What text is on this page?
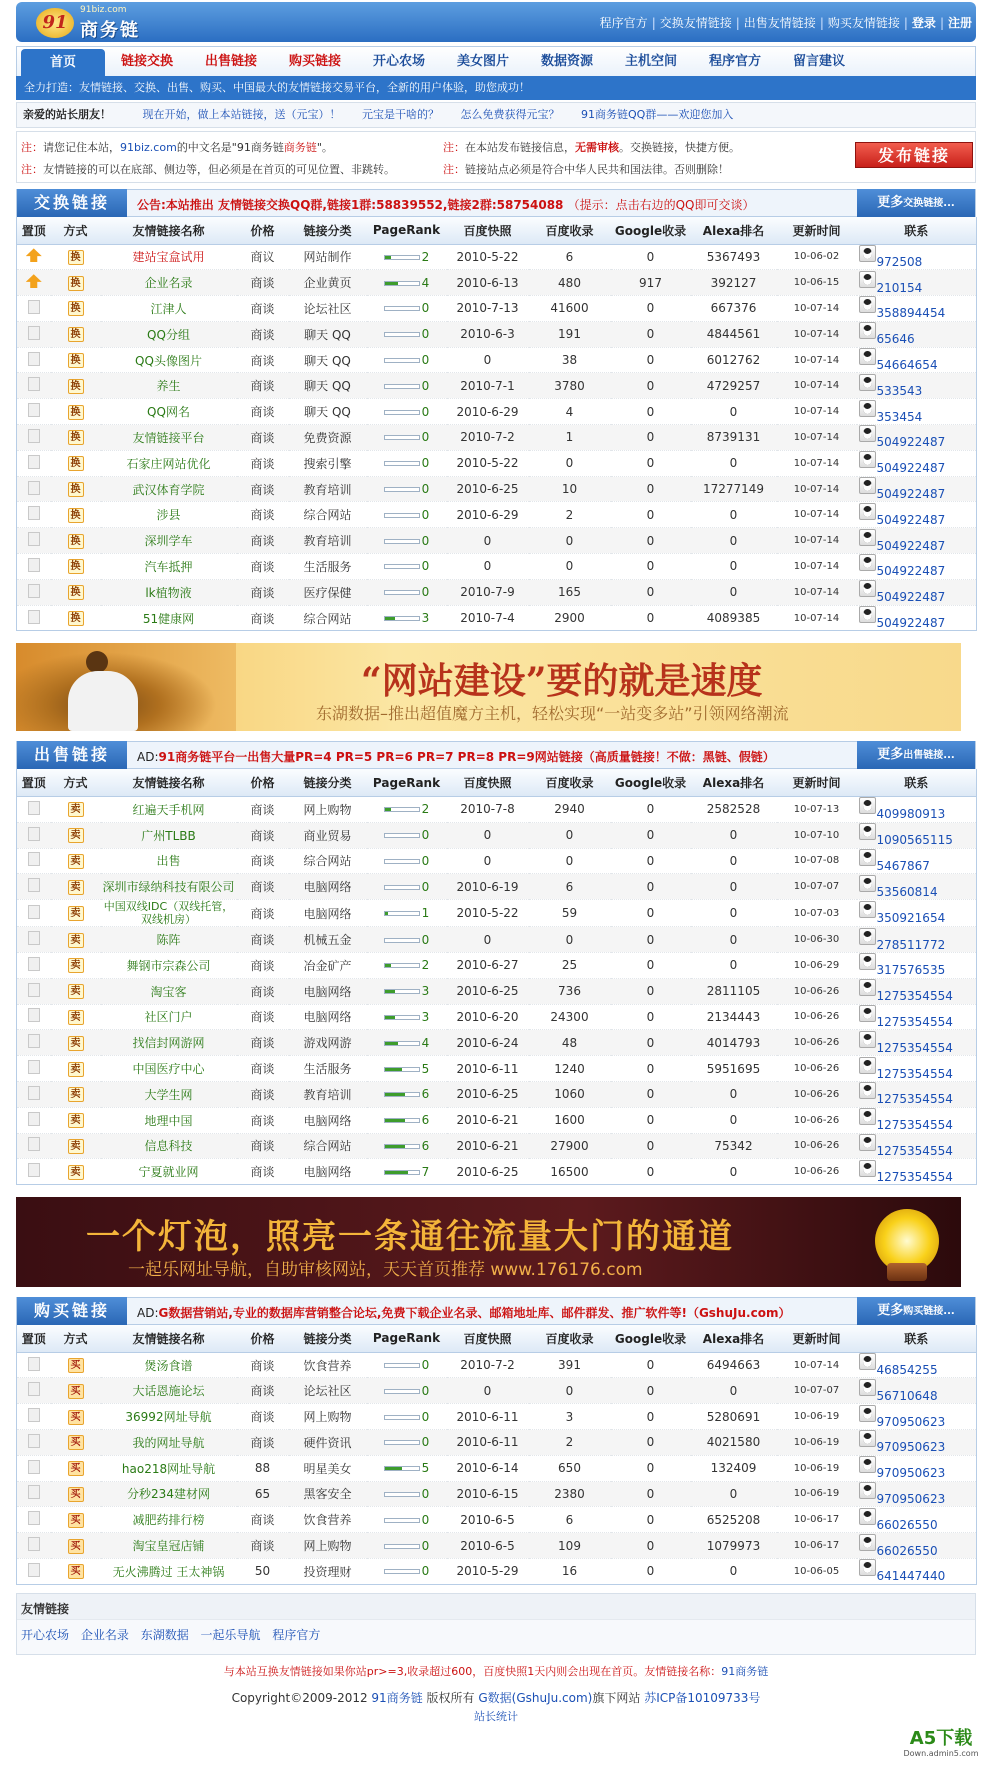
91
91biz.com
商务链	程序官方 | 交换友情链接 | 出售友情链接 | 购买友情链接 | 登录 | 注册
首页	链接交换	出售链接	购买链接	开心农场	美女图片	数据资源	主机空间	程序官方	留言建议
全力打造：友情链接、交换、出售、购买、中国最大的友情链接交易平台，全新的用户体验，助您成功！
亲爱的站长朋友！	现在开始，做上本站链接，送（元宝）！ 元宝是干啥的？ 怎么免费获得元宝？ 91商务链QQ群——欢迎您加入
注：请您记住本站，91biz.com的中文名是"91商务链商务链"。	注：在本站发布链接信息，无需审核。交换链接，快捷方便。
注：友情链接的可以在底部、侧边等，但必须是在首页的可见位置、非跳转。	注：链接站点必须是符合中华人民共和国法律。否则删除！
发布链接
交换链接	公告:本站推出 友情链接交换QQ群,链接1群:58839552,链接2群:58754088 （提示：点击右边的QQ即可交谈）	更多交换链接...
置顶	方式	友情链接名称	价格	链接分类	PageRank	百度快照	百度收录	Google收录	Alexa排名	更新时间	联系
	换	建站宝盒试用	商议	网站制作	2	2010-5-22	6	0	5367493	10-06-02	972508
	换	企业名录	商谈	企业黄页	4	2010-6-13	480	917	392127	10-06-15	210154
	换	江津人	商谈	论坛社区	0	2010-7-13	41600	0	667376	10-07-14	358894454
	换	QQ分组	商谈	聊天 QQ	0	2010-6-3	191	0	4844561	10-07-14	65646
	换	QQ头像图片	商谈	聊天 QQ	0	0	38	0	6012762	10-07-14	54664654
	换	养生	商谈	聊天 QQ	0	2010-7-1	3780	0	4729257	10-07-14	533543
	换	QQ网名	商谈	聊天 QQ	0	2010-6-29	4	0	0	10-07-14	353454
	换	友情链接平台	商谈	免费资源	0	2010-7-2	1	0	8739131	10-07-14	504922487
	换	石家庄网站优化	商谈	搜索引擎	0	2010-5-22	0	0	0	10-07-14	504922487
	换	武汉体育学院	商谈	教育培训	0	2010-6-25	10	0	17277149	10-07-14	504922487
	换	涉县	商谈	综合网站	0	2010-6-29	2	0	0	10-07-14	504922487
	换	深圳学车	商谈	教育培训	0	0	0	0	0	10-07-14	504922487
	换	汽车抵押	商谈	生活服务	0	0	0	0	0	10-07-14	504922487
	换	lk植物液	商谈	医疗保健	0	2010-7-9	165	0	0	10-07-14	504922487
	换	51健康网	商谈	综合网站	3	2010-7-4	2900	0	4089385	10-07-14	504922487
“网站建设”要的就是速度
东湖数据–推出超值魔方主机，轻松实现“一站变多站”引领网络潮流
出售链接	AD:91商务链平台一出售大量PR=4 PR=5 PR=6 PR=7 PR=8 PR=9网站链接（高质量链接！不做：黑链、假链）	更多出售链接...
置顶	方式	友情链接名称	价格	链接分类	PageRank	百度快照	百度收录	Google收录	Alexa排名	更新时间	联系
	卖	红遍天手机网	商谈	网上购物	2	2010-7-8	2940	0	2582528	10-07-13	409980913
	卖	广州TLBB	商谈	商业贸易	0	0	0	0	0	10-07-10	1090565115
	卖	出售	商谈	综合网站	0	0	0	0	0	10-07-08	5467867
	卖	深圳市绿纳科技有限公司	商谈	电脑网络	0	2010-6-19	6	0	0	10-07-07	53560814
	卖	中国双线IDC（双线托管，双线机房）	商谈	电脑网络	1	2010-5-22	59	0	0	10-07-03	350921654
	卖	陈阵	商谈	机械五金	0	0	0	0	0	10-06-30	278511772
	卖	舞钢市宗森公司	商谈	冶金矿产	2	2010-6-27	25	0	0	10-06-29	317576535
	卖	淘宝客	商谈	电脑网络	3	2010-6-25	736	0	2811105	10-06-26	1275354554
	卖	社区门户	商谈	电脑网络	3	2010-6-20	24300	0	2134443	10-06-26	1275354554
	卖	找信封网游网	商谈	游戏网游	4	2010-6-24	48	0	4014793	10-06-26	1275354554
	卖	中国医疗中心	商谈	生活服务	5	2010-6-11	1240	0	5951695	10-06-26	1275354554
	卖	大学生网	商谈	教育培训	6	2010-6-25	1060	0	0	10-06-26	1275354554
	卖	地理中国	商谈	电脑网络	6	2010-6-21	1600	0	0	10-06-26	1275354554
	卖	信息科技	商谈	综合网站	6	2010-6-21	27900	0	75342	10-06-26	1275354554
	卖	宁夏就业网	商谈	电脑网络	7	2010-6-25	16500	0	0	10-06-26	1275354554
一个灯泡，照亮一条通往流量大门的通道
一起乐网址导航，自助审核网站，天天首页推荐 www.176176.com
购买链接	AD:G数据营销站,专业的数据库营销整合论坛,免费下载企业名录、邮箱地址库、邮件群发、推广软件等!（GshuJu.com）	更多购买链接...
置顶	方式	友情链接名称	价格	链接分类	PageRank	百度快照	百度收录	Google收录	Alexa排名	更新时间	联系
	买	煲汤食谱	商谈	饮食营养	0	2010-7-2	391	0	6494663	10-07-14	46854255
	买	大话恩施论坛	商谈	论坛社区	0	0	0	0	0	10-07-07	56710648
	买	36992网址导航	商谈	网上购物	0	2010-6-11	3	0	5280691	10-06-19	970950623
	买	我的网址导航	商谈	硬件资讯	0	2010-6-11	2	0	4021580	10-06-19	970950623
	买	hao218网址导航	88	明星美女	5	2010-6-14	650	0	132409	10-06-19	970950623
	买	分秒234建材网	65	黑客安全	0	2010-6-15	2380	0	0	10-06-19	970950623
	买	减肥药排行榜	商谈	饮食营养	0	2010-6-5	6	0	6525208	10-06-17	66026550
	买	淘宝皇冠店铺	商谈	网上购物	0	2010-6-5	109	0	1079973	10-06-17	66026550
	买	无火沸腾过 王太神锅	50	投资理财	0	2010-5-29	16	0	0	10-06-05	641447440
友情链接
开心农场 企业名录 东湖数据 一起乐导航 程序官方
与本站互换友情链接如果你站pr>=3,收录超过600，百度快照1天内则会出现在首页。友情链接名称：91商务链
Copyright©2009-2012 91商务链 版权所有 G数据(GshuJu.com)旗下网站 苏ICP备10109733号
站长统计
A5下载
Down.admin5.com
